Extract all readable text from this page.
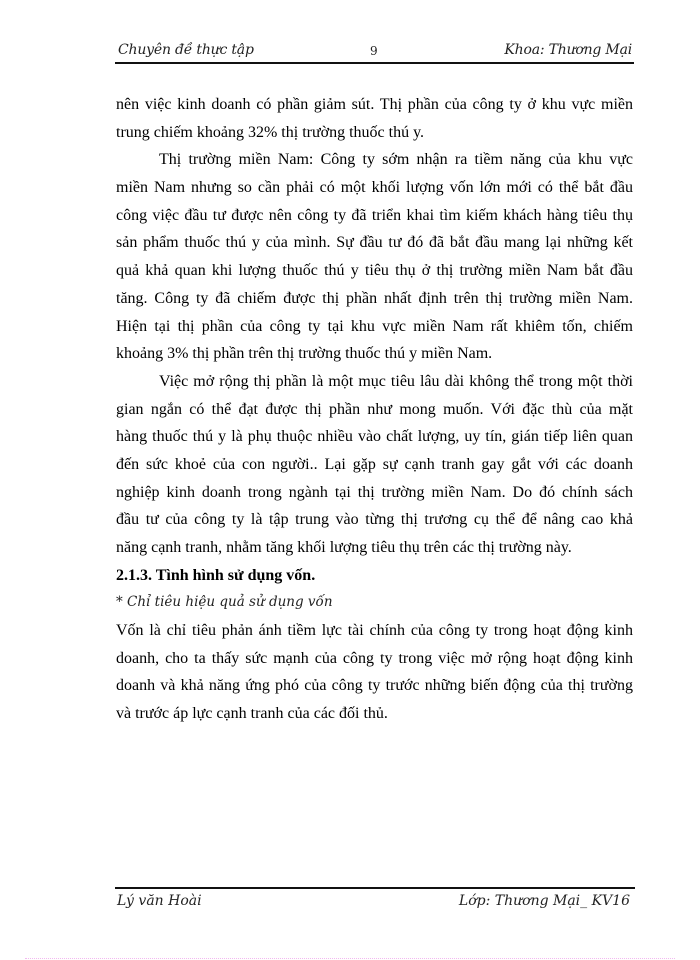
Chuyên đề thực tập	9	Khoa: Thương Mại
nên việc kinh doanh có phần giảm sút. Thị phần của công ty ở khu vực miền
trung chiếm khoảng 32% thị trường thuốc thú y.
Thị trường miền Nam: Công ty sớm nhận ra tiềm năng của khu vực
miền Nam nhưng so cần phải có một khối lượng vốn lớn mới có thể bắt đầu
công việc đầu tư được nên công ty đã triển khai tìm kiếm khách hàng tiêu thụ
sản phẩm thuốc thú y của mình. Sự đầu tư đó đã bắt đầu mang lại những kết
quả khả quan khi lượng thuốc thú y tiêu thụ ở thị trường miền Nam bắt đầu
tăng. Công ty đã chiếm được thị phần nhất định trên thị trường miền Nam.
Hiện tại thị phần của công ty tại khu vực miền Nam rất khiêm tốn, chiếm
khoảng 3% thị phần trên thị trường thuốc thú y miền Nam.
Việc mở rộng thị phần là một mục tiêu lâu dài không thể trong một thời
gian ngắn có thể đạt được thị phần như mong muốn. Với đặc thù của mặt
hàng thuốc thú y là phụ thuộc nhiều vào chất lượng, uy tín, gián tiếp liên quan
đến sức khoẻ của con người.. Lại gặp sự cạnh tranh gay gắt với các doanh
nghiệp kinh doanh trong ngành tại thị trường miền Nam. Do đó chính sách
đầu tư của công ty là tập trung vào từng thị trương cụ thể để nâng cao khả
năng cạnh tranh, nhằm tăng khối lượng tiêu thụ trên các thị trường này.
2.1.3. Tình hình sử dụng vốn.
* Chỉ tiêu hiệu quả sử dụng vốn
Vốn là chỉ tiêu phản ánh tiềm lực tài chính của công ty trong hoạt động kinh
doanh, cho ta thấy sức mạnh của công ty trong việc mở rộng hoạt động kinh
doanh và khả năng ứng phó của công ty trước những biến động của thị trường
và trước áp lực cạnh tranh của các đối thủ.
Lý văn Hoài	Lớp: Thương Mại_ KV16
